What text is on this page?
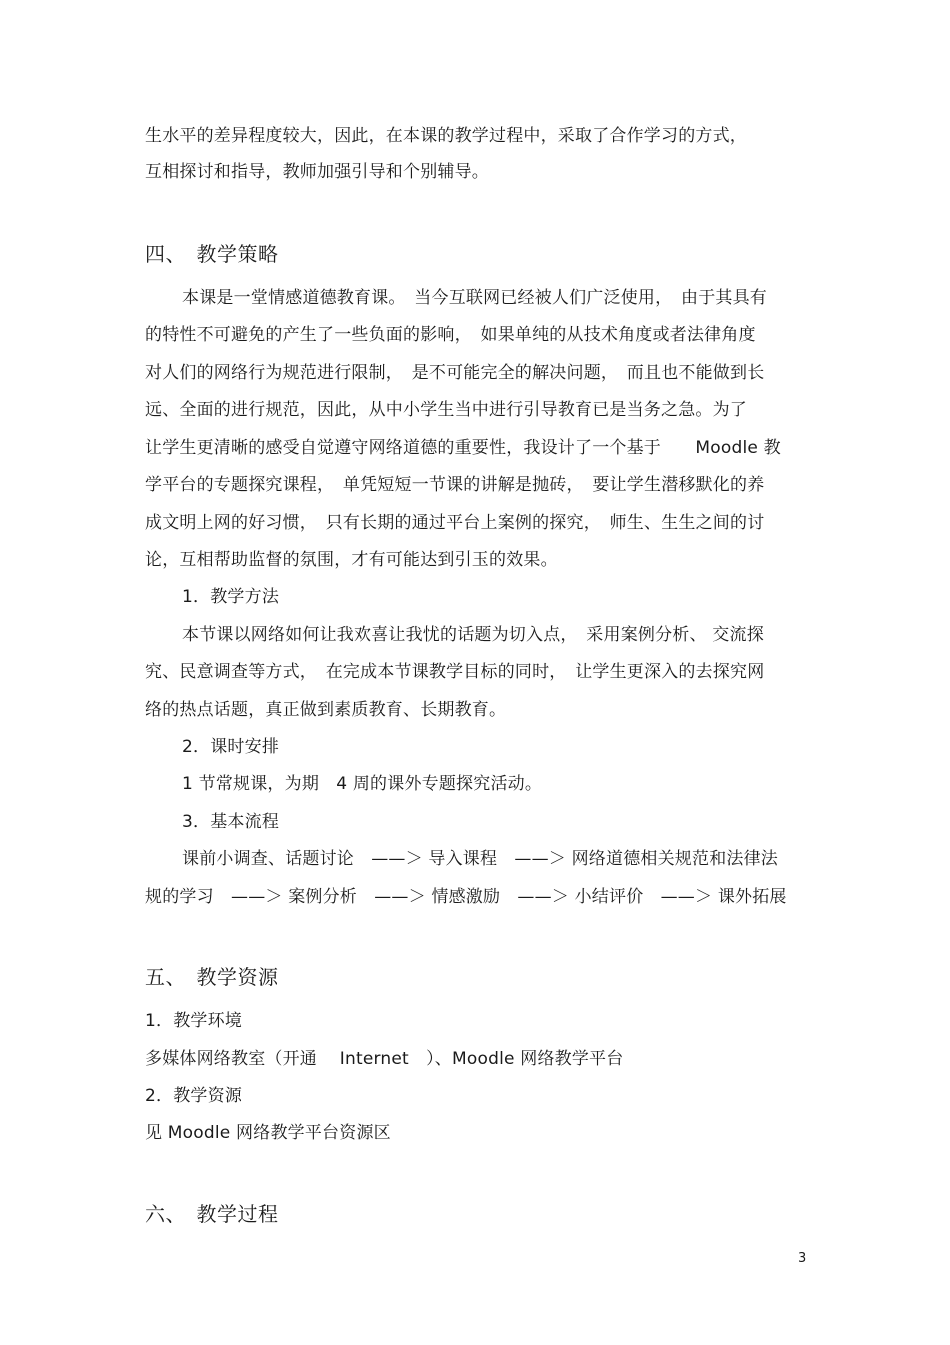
生水平的差异程度较大，因此，在本课的教学过程中，采取了合作学习的方式，
互相探讨和指导，教师加强引导和个别辅导。
四、　教学策略
本课是一堂情感道德教育课。　当今互联网已经被人们广泛使用，　由于其具有
的特性不可避免的产生了一些负面的影响，　如果单纯的从技术角度或者法律角度
对人们的网络行为规范进行限制，　是不可能完全的解决问题，　而且也不能做到长
远、全面的进行规范，因此，从中小学生当中进行引导教育已是当务之急。为了
让学生更清晰的感受自觉遵守网络道德的重要性，我设计了一个基于　　Moodle 教
学平台的专题探究课程，　单凭短短一节课的讲解是抛砖，　要让学生潜移默化的养
成文明上网的好习惯，　只有长期的通过平台上案例的探究，　师生、生生之间的讨
论，互相帮助监督的氛围，才有可能达到引玉的效果。
1．教学方法
本节课以网络如何让我欢喜让我忧的话题为切入点，　采用案例分析、 交流探
究、民意调查等方式，　在完成本节课教学目标的同时，　让学生更深入的去探究网
络的热点话题，真正做到素质教育、长期教育。
2．课时安排
1 节常规课，为期　4 周的课外专题探究活动。
3．基本流程
课前小调查、话题讨论　——＞ 导入课程　——＞ 网络道德相关规范和法律法
规的学习　——＞ 案例分析　——＞ 情感激励　——＞ 小结评价　——＞ 课外拓展
五、　教学资源
1．教学环境
多媒体网络教室（开通　 Internet　）、Moodle 网络教学平台
2．教学资源
见 Moodle 网络教学平台资源区
六、　教学过程
3
